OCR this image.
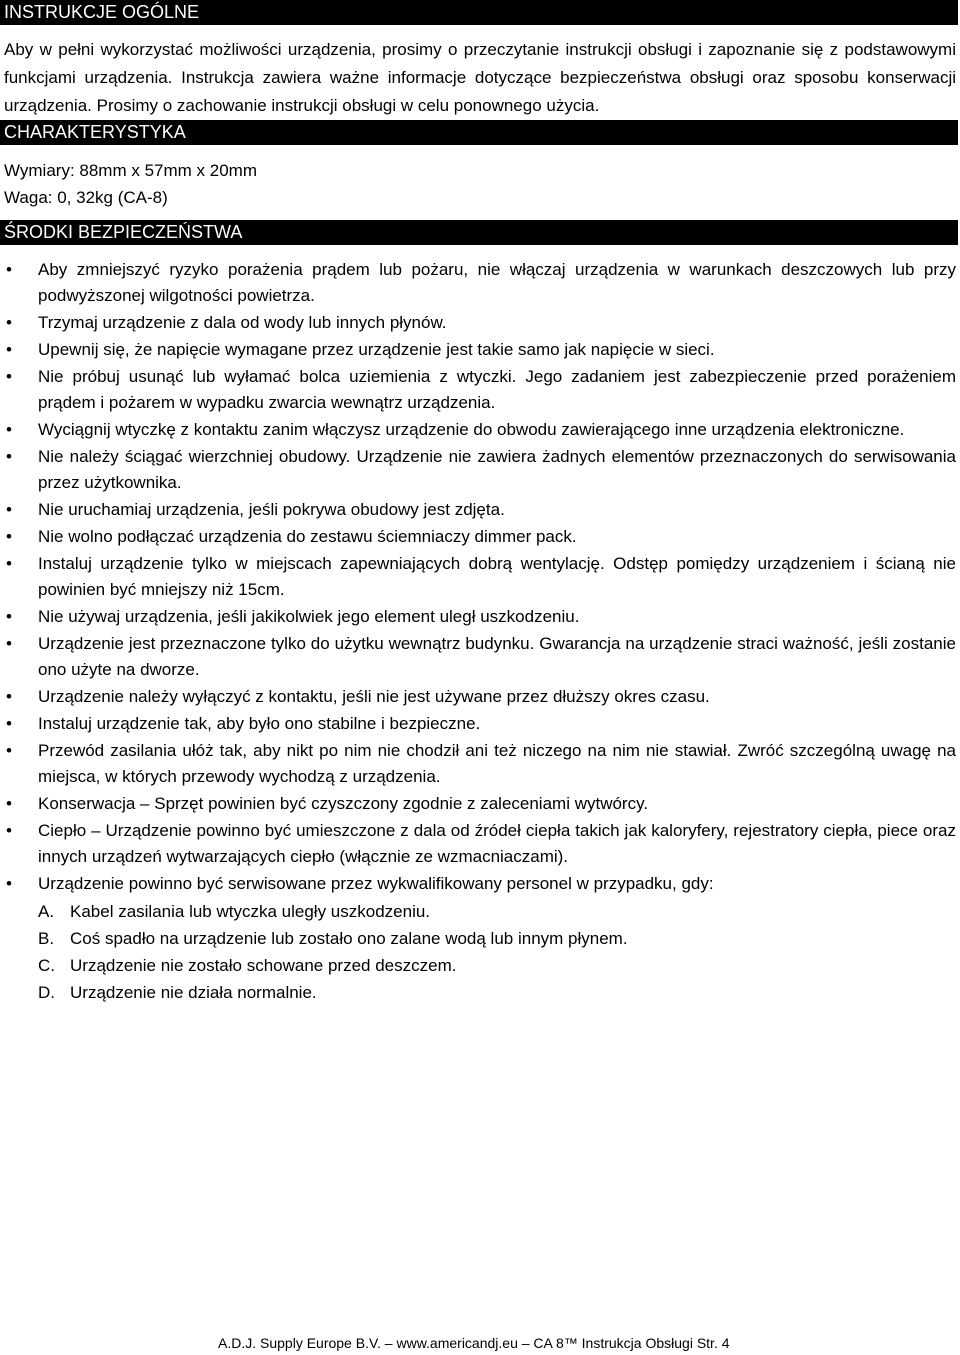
INSTRUKCJE OGÓLNE

Aby w pełni wykorzystać możliwości urządzenia, prosimy o przeczytanie instrukcji obsługi i zapoznanie się z podstawowymi funkcjami urządzenia. Instrukcja zawiera ważne informacje dotyczące bezpieczeństwa obsługi oraz sposobu konserwacji urządzenia. Prosimy o zachowanie instrukcji obsługi w celu ponownego użycia.

CHARAKTERYSTYKA

Wymiary: 88mm x 57mm x 20mm

Waga: 0, 32kg (CA-8)

ŚRODKI BEZPIECZEŃSTWA
• Aby zmniejszyć ryzyko porażenia prądem lub pożaru, nie włączaj urządzenia w warunkach deszczowych lub przy podwyższonej wilgotności powietrza.
• Trzymaj urządzenie z dala od wody lub innych płynów.
• Upewnij się, że napięcie wymagane przez urządzenie jest takie samo jak napięcie w sieci.
• Nie próbuj usunąć lub wyłamać bolca uziemienia z wtyczki. Jego zadaniem jest zabezpieczenie przed porażeniem prądem i pożarem w wypadku zwarcia wewnątrz urządzenia.
• Wyciągnij wtyczkę z kontaktu zanim włączysz urządzenie do obwodu zawierającego inne urządzenia elektroniczne.
• Nie należy ściągać wierzchniej obudowy. Urządzenie nie zawiera żadnych elementów przeznaczonych do serwisowania przez użytkownika.
• Nie uruchamiaj urządzenia, jeśli pokrywa obudowy jest zdjęta.
• Nie wolno podłączać urządzenia do zestawu ściemniaczy dimmer pack.
• Instaluj urządzenie tylko w miejscach zapewniających dobrą wentylację. Odstęp pomiędzy urządzeniem i ścianą nie powinien być mniejszy niż 15cm.
• Nie używaj urządzenia, jeśli jakikolwiek jego element uległ uszkodzeniu.
• Urządzenie jest przeznaczone tylko do użytku wewnątrz budynku. Gwarancja na urządzenie straci ważność, jeśli zostanie ono użyte na dworze.
• Urządzenie należy wyłączyć z kontaktu, jeśli nie jest używane przez dłuższy okres czasu.
• Instaluj urządzenie tak, aby było ono stabilne i bezpieczne.
• Przewód zasilania ułóż tak, aby nikt po nim nie chodził ani też niczego na nim nie stawiał. Zwróć szczególną uwagę na miejsca, w których przewody wychodzą z urządzenia.
• Konserwacja – Sprzęt powinien być czyszczony zgodnie z zaleceniami wytwórcy.
• Ciepło – Urządzenie powinno być umieszczone z dala od źródeł ciepła takich jak kaloryfery, rejestratory ciepła, piece oraz innych urządzeń wytwarzających ciepło (włącznie ze wzmacniaczami).
• Urządzenie powinno być serwisowane przez wykwalifikowany personel w przypadku, gdy:
A. Kabel zasilania lub wtyczka uległy uszkodzeniu.
B. Coś spadło na urządzenie lub zostało ono zalane wodą lub innym płynem.
C. Urządzenie nie zostało schowane przed deszczem.
D. Urządzenie nie działa normalnie.
A.D.J. Supply Europe B.V. – www.americandj.eu – CA 8™ Instrukcja Obsługi Str. 4
